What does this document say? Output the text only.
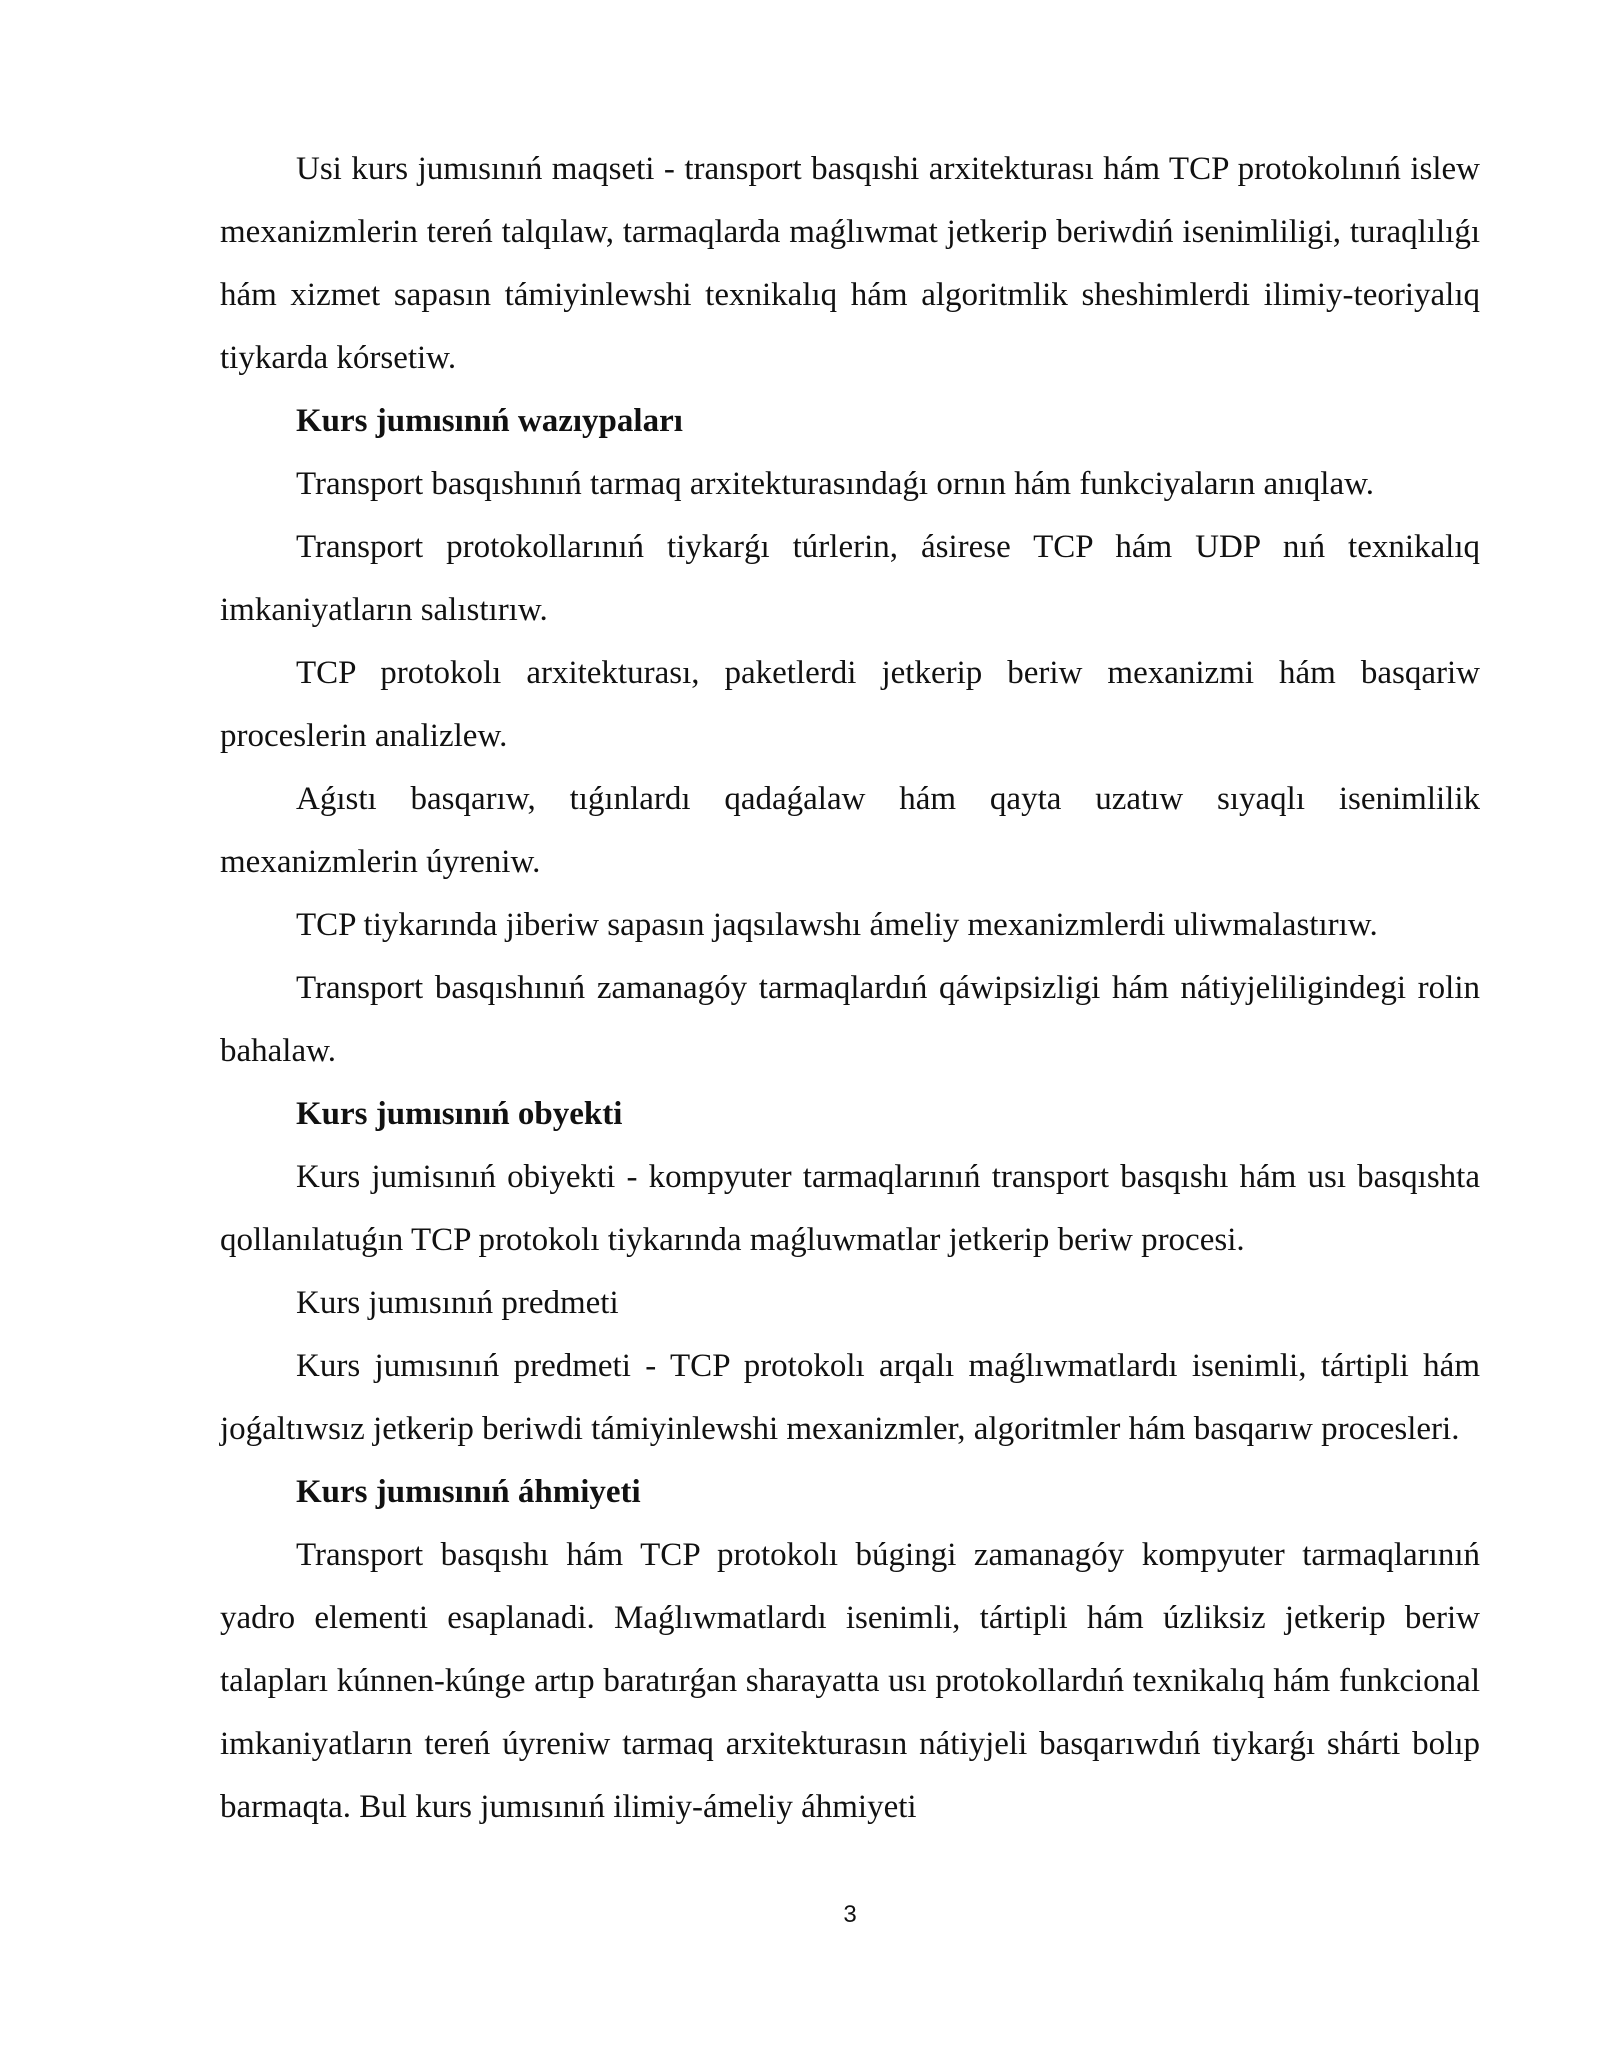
Usi kurs jumısınıń maqseti - transport basqıshi arxitekturası hám TCP protokolınıń islew mexanizmlerin tereń talqılaw, tarmaqlarda maǵlıwmat jetkerip beriwdiń isenimliligi, turaqlılıǵı hám xizmet sapasın támiyinlewshi texnikalıq hám algoritmlik sheshimlerdi ilimiy-teoriyalıq tiykarda kórsetiw.

Kurs jumısınıń wazıypaları

Transport basqıshınıń tarmaq arxitekturasındaǵı ornın hám funkciyaların anıqlaw.

Transport protokollarınıń tiykarǵı túrlerin, ásirese TCP hám UDP nıń texnikalıq imkaniyatların salıstırıw.

TCP protokolı arxitekturası, paketlerdi jetkerip beriw mexanizmi hám basqariw proceslerin analizlew.

Aǵıstı basqarıw, tıǵınlardı qadaǵalaw hám qayta uzatıw sıyaqlı isenimlilik mexanizmlerin úyreniw.

TCP tiykarında jiberiw sapasın jaqsılawshı ámeliy mexanizmlerdi uliwmalastırıw.

Transport basqıshınıń zamanagóy tarmaqlardıń qáwipsizligi hám nátiyjeliligindegi rolin bahalaw.

Kurs jumısınıń obyekti

Kurs jumisınıń obiyekti - kompyuter tarmaqlarınıń transport basqıshı hám usı basqıshta qollanılatuǵın TCP protokolı tiykarında maǵluwmatlar jetkerip beriw procesi.

Kurs jumısınıń predmeti

Kurs jumısınıń predmeti - TCP protokolı arqalı maǵlıwmatlardı isenimli, tártipli hám joǵaltıwsız jetkerip beriwdi támiyinlewshi mexanizmler, algoritmler hám basqarıw procesleri.

Kurs jumısınıń áhmiyeti

Transport basqıshı hám TCP protokolı búgingi zamanagóy kompyuter tarmaqlarınıń yadro elementi esaplanadi. Maǵlıwmatlardı isenimli, tártipli hám úzliksiz jetkerip beriw talapları kúnnen-kúnge artıp baratırǵan sharayatta usı protokollardıń texnikalıq hám funkcional imkaniyatların tereń úyreniw tarmaq arxitekturasın nátiyjeli basqarıwdıń tiykarǵı shárti bolıp barmaqta. Bul kurs jumısınıń ilimiy-ámeliy áhmiyeti

3
